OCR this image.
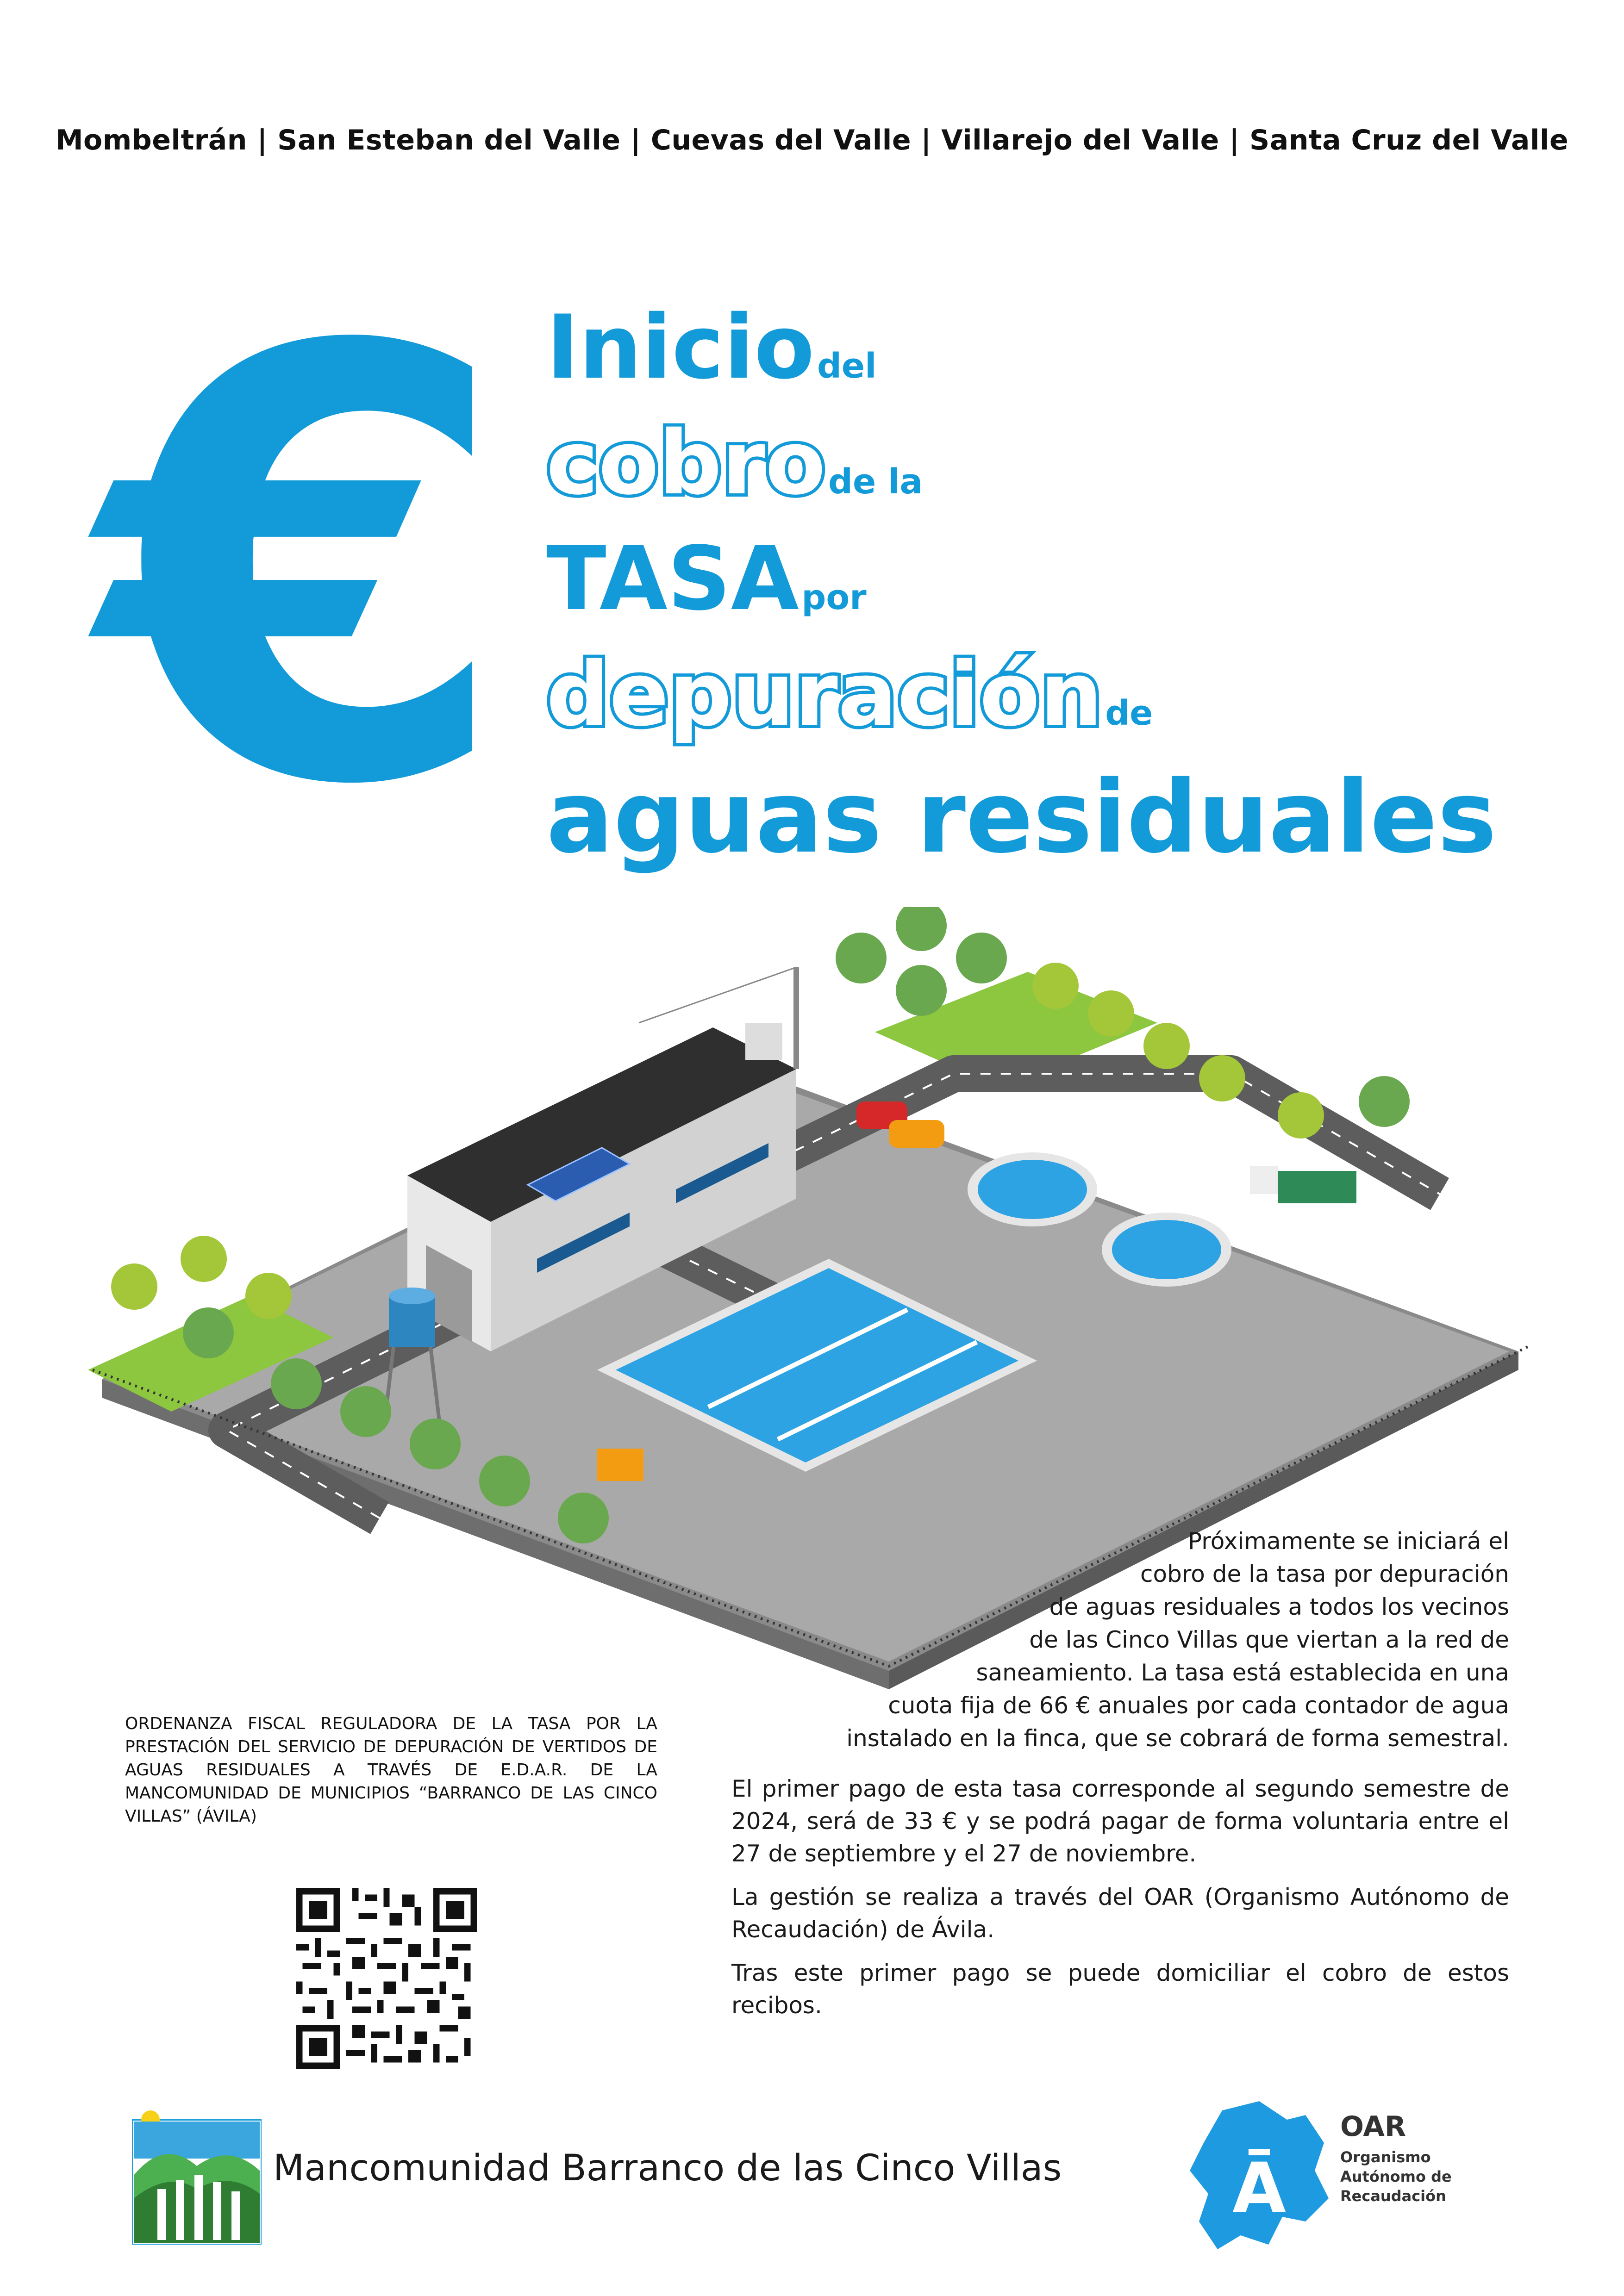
Mombeltrán | San Esteban del Valle | Cuevas del Valle | Villarejo del Valle | Santa Cruz del Valle
€ Inicio del
cobro de la
TASA por
depuración de
aguas residuales

Próximamente se iniciará el

cobro de la tasa por depuración

de aguas residuales a todos los vecinos

de las Cinco Villas que viertan a la red de

saneamiento. La tasa está establecida en una

cuota fija de 66 € anuales por cada contador de agua

instalado en la finca, que se cobrará de forma semestral.

El primer pago de esta tasa corresponde al segundo semestre de 2024, será de 33 € y se podrá pagar de forma voluntaria entre el 27 de septiembre y el 27 de noviembre.

La gestión se realiza a través del OAR (Organismo Autónomo de Recaudación) de Ávila.

Tras este primer pago se puede domiciliar el cobro de estos recibos.

ORDENANZA FISCAL REGULADORA DE LA TASA POR LA PRESTACIÓN DEL SERVICIO DE DEPURACIÓN DE VERTIDOS DE AGUAS RESIDUALES A TRAVÉS DE E.D.A.R. DE LA MANCOMUNIDAD DE MUNICIPIOS “BARRANCO DE LAS CINCO VILLAS” (ÁVILA)
Mancomunidad Barranco de las Cinco Villas Ā
OAR
Organismo
Autónomo de
Recaudación
